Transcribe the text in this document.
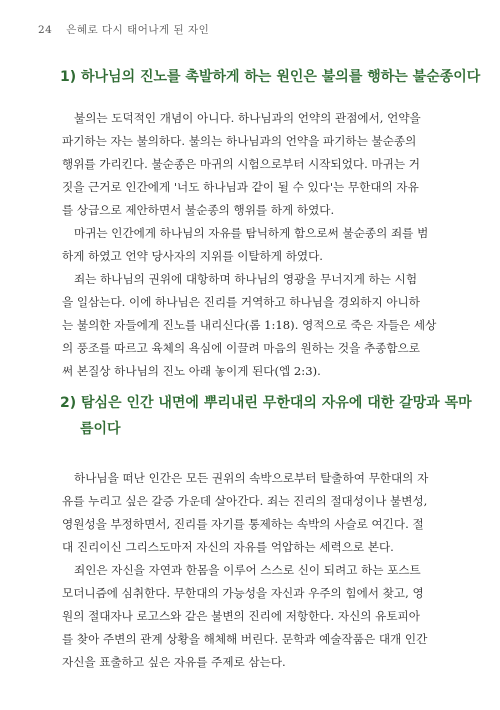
24 은혜로 다시 태어나게 된 자인
1) 하나님의 진노를 촉발하게 하는 원인은 불의를 행하는 불순종이다
불의는 도덕적인 개념이 아니다. 하나님과의 언약의 관점에서, 언약을
파기하는 자는 불의하다. 불의는 하나님과의 언약을 파기하는 불순종의
행위를 가리킨다. 불순종은 마귀의 시험으로부터 시작되었다. 마귀는 거
짓을 근거로 인간에게 '너도 하나님과 같이 될 수 있다'는 무한대의 자유
를 상급으로 제안하면서 불순종의 행위를 하게 하였다.
마귀는 인간에게 하나님의 자유를 탐닉하게 함으로써 불순종의 죄를 범
하게 하였고 언약 당사자의 지위를 이탈하게 하였다.
죄는 하나님의 권위에 대항하며 하나님의 영광을 무너지게 하는 시험
을 일삼는다. 이에 하나님은 진리를 거역하고 하나님을 경외하지 아니하
는 불의한 자들에게 진노를 내리신다(롬 1:18). 영적으로 죽은 자들은 세상
의 풍조를 따르고 육체의 욕심에 이끌려 마음의 원하는 것을 추종함으로
써 본질상 하나님의 진노 아래 놓이게 된다(엡 2:3).
2) 탐심은 인간 내면에 뿌리내린 무한대의 자유에 대한 갈망과 목마
름이다
하나님을 떠난 인간은 모든 권위의 속박으로부터 탈출하여 무한대의 자
유를 누리고 싶은 갈증 가운데 살아간다. 죄는 진리의 절대성이나 불변성,
영원성을 부정하면서, 진리를 자기를 통제하는 속박의 사슬로 여긴다. 절
대 진리이신 그리스도마저 자신의 자유를 억압하는 세력으로 본다.
죄인은 자신을 자연과 한몸을 이루어 스스로 신이 되려고 하는 포스트
모더니즘에 심취한다. 무한대의 가능성을 자신과 우주의 힘에서 찾고, 영
원의 절대자나 로고스와 같은 불변의 진리에 저항한다. 자신의 유토피아
를 찾아 주변의 관계 상황을 해체해 버린다. 문학과 예술작품은 대개 인간
자신을 표출하고 싶은 자유를 주제로 삼는다.
